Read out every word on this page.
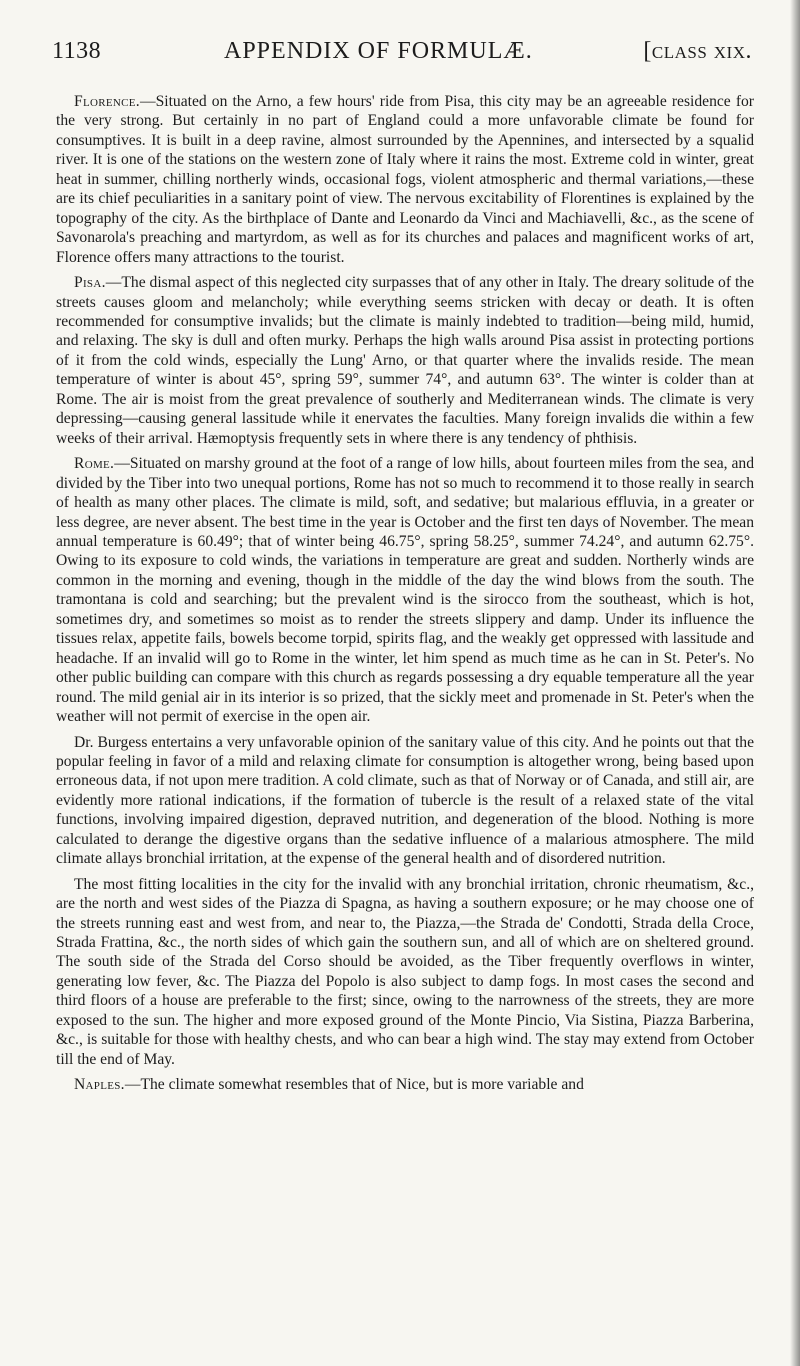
1138	APPENDIX OF FORMULÆ.	[class xix.

Florence.—Situated on the Arno, a few hours' ride from Pisa, this city may be an agreeable residence for the very strong. But certainly in no part of England could a more unfavorable climate be found for consumptives. It is built in a deep ravine, almost surrounded by the Apennines, and intersected by a squalid river. It is one of the stations on the western zone of Italy where it rains the most. Extreme cold in winter, great heat in summer, chilling northerly winds, occasional fogs, violent atmospheric and thermal variations,—these are its chief peculiarities in a sanitary point of view. The nervous excitability of Florentines is explained by the topography of the city. As the birthplace of Dante and Leonardo da Vinci and Machiavelli, &c., as the scene of Savonarola's preaching and martyrdom, as well as for its churches and palaces and magnificent works of art, Florence offers many attractions to the tourist.

Pisa.—The dismal aspect of this neglected city surpasses that of any other in Italy. The dreary solitude of the streets causes gloom and melancholy; while everything seems stricken with decay or death. It is often recommended for consumptive invalids; but the climate is mainly indebted to tradition—being mild, humid, and relaxing. The sky is dull and often murky. Perhaps the high walls around Pisa assist in protecting portions of it from the cold winds, especially the Lung' Arno, or that quarter where the invalids reside. The mean temperature of winter is about 45°, spring 59°, summer 74°, and autumn 63°. The winter is colder than at Rome. The air is moist from the great prevalence of southerly and Mediterranean winds. The climate is very depressing—causing general lassitude while it enervates the faculties. Many foreign invalids die within a few weeks of their arrival. Hæmoptysis frequently sets in where there is any tendency of phthisis.

Rome.—Situated on marshy ground at the foot of a range of low hills, about fourteen miles from the sea, and divided by the Tiber into two unequal portions, Rome has not so much to recommend it to those really in search of health as many other places. The climate is mild, soft, and sedative; but malarious effluvia, in a greater or less degree, are never absent. The best time in the year is October and the first ten days of November. The mean annual temperature is 60.49°; that of winter being 46.75°, spring 58.25°, summer 74.24°, and autumn 62.75°. Owing to its exposure to cold winds, the variations in temperature are great and sudden. Northerly winds are common in the morning and evening, though in the middle of the day the wind blows from the south. The tramontana is cold and searching; but the prevalent wind is the sirocco from the southeast, which is hot, sometimes dry, and sometimes so moist as to render the streets slippery and damp. Under its influence the tissues relax, appetite fails, bowels become torpid, spirits flag, and the weakly get oppressed with lassitude and headache. If an invalid will go to Rome in the winter, let him spend as much time as he can in St. Peter's. No other public building can compare with this church as regards possessing a dry equable temperature all the year round. The mild genial air in its interior is so prized, that the sickly meet and promenade in St. Peter's when the weather will not permit of exercise in the open air.

Dr. Burgess entertains a very unfavorable opinion of the sanitary value of this city. And he points out that the popular feeling in favor of a mild and relaxing climate for consumption is altogether wrong, being based upon erroneous data, if not upon mere tradition. A cold climate, such as that of Norway or of Canada, and still air, are evidently more rational indications, if the formation of tubercle is the result of a relaxed state of the vital functions, involving impaired digestion, depraved nutrition, and degeneration of the blood. Nothing is more calculated to derange the digestive organs than the sedative influence of a malarious atmosphere. The mild climate allays bronchial irritation, at the expense of the general health and of disordered nutrition.

The most fitting localities in the city for the invalid with any bronchial irritation, chronic rheumatism, &c., are the north and west sides of the Piazza di Spagna, as having a southern exposure; or he may choose one of the streets running east and west from, and near to, the Piazza,—the Strada de' Condotti, Strada della Croce, Strada Frattina, &c., the north sides of which gain the southern sun, and all of which are on sheltered ground. The south side of the Strada del Corso should be avoided, as the Tiber frequently overflows in winter, generating low fever, &c. The Piazza del Popolo is also subject to damp fogs. In most cases the second and third floors of a house are preferable to the first; since, owing to the narrowness of the streets, they are more exposed to the sun. The higher and more exposed ground of the Monte Pincio, Via Sistina, Piazza Barberina, &c., is suitable for those with healthy chests, and who can bear a high wind. The stay may extend from October till the end of May.

Naples.—The climate somewhat resembles that of Nice, but is more variable and
